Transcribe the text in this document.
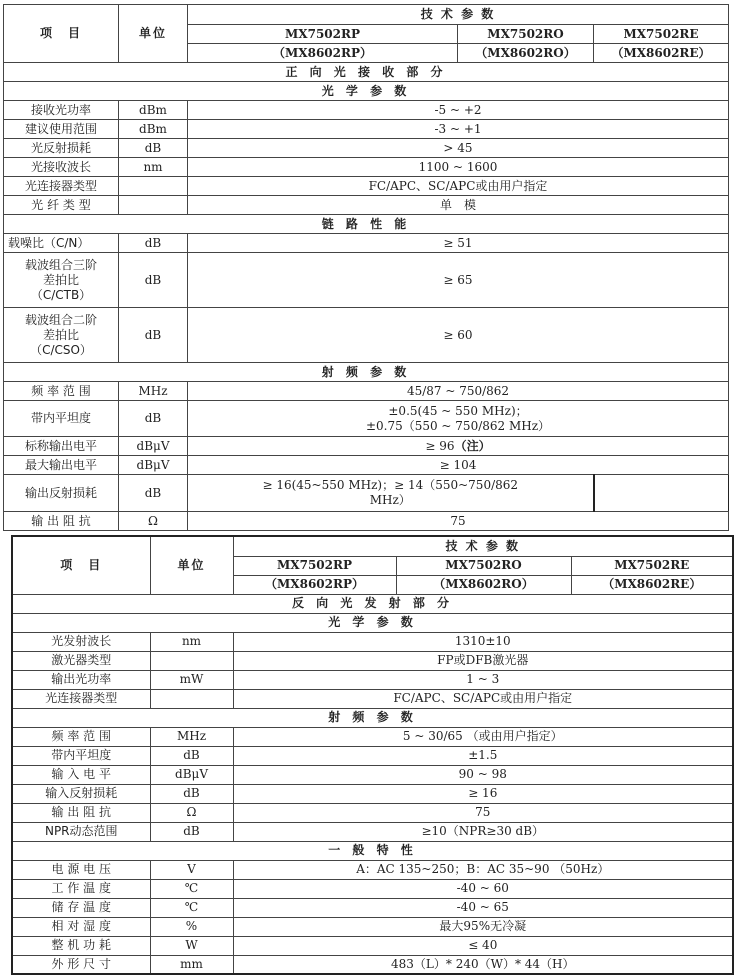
项　目	单位	技 术 参 数		
		MX7502RP	MX7502RO	MX7502RE
		（MX8602RP）	（MX8602RO）	（MX8602RE）
正 向 光 接 收 部 分				
光 学 参 数				
接收光功率	dBm	-5 ~ +2		
建议使用范围	dBm	-3 ~ +1		
光反射损耗	dB	> 45		
光接收波长	nm	1100 ~ 1600		
光连接器类型		FC/APC、SC/APC或由用户指定		
光 纤 类 型		单　模		
链 路 性 能				
载噪比（C/N）	dB	≥ 51		

载波组合三阶
差拍比
（C/CTB）	dB	≥ 65		

载波组合二阶
差拍比
（C/CSO）	dB	≥ 60		
射 频 参 数				
频 率 范 围	MHz	45/87 ~ 750/862		
带内平坦度	dB	±0.5(45 ~ 550 MHz)；
±0.75（550 ~ 750/862 MHz）		

标称输出电平	dBμV	≥ 96（注）		
最大输出电平	dBμV	≥ 104		
输出反射损耗	dB	≥ 16(45~550 MHz)；≥ 14（550~750/862
MHz）		

输 出 阻 抗	Ω	75		
项　目	单位	技 术 参 数		
		MX7502RP	MX7502RO	MX7502RE
		（MX8602RP）	（MX8602RO）	（MX8602RE）
反 向 光 发 射 部 分				
光 学 参 数				
光发射波长	nm	1310±10		
激光器类型		FP或DFB激光器		
输出光功率	mW	1 ~ 3		
光连接器类型		FC/APC、SC/APC或由用户指定		
射 频 参 数				
频 率 范 围	MHz	5 ~ 30/65 （或由用户指定）		
带内平坦度	dB	±1.5		
输 入 电 平	dBμV	90 ~ 98		
输入反射损耗	dB	≥ 16		
输 出 阻 抗	Ω	75		
NPR动态范围	dB	≥10（NPR≥30 dB）		
一 般 特 性				
电 源 电 压	V	A：AC 135~250；B：AC 35~90 （50Hz）		
工 作 温 度	℃	-40 ~ 60		
储 存 温 度	℃	-40 ~ 65		
相 对 湿 度	%	最大95%无冷凝		
整 机 功 耗	W	≤ 40		
外 形 尺 寸	mm	483（L）* 240（W）* 44（H）		
